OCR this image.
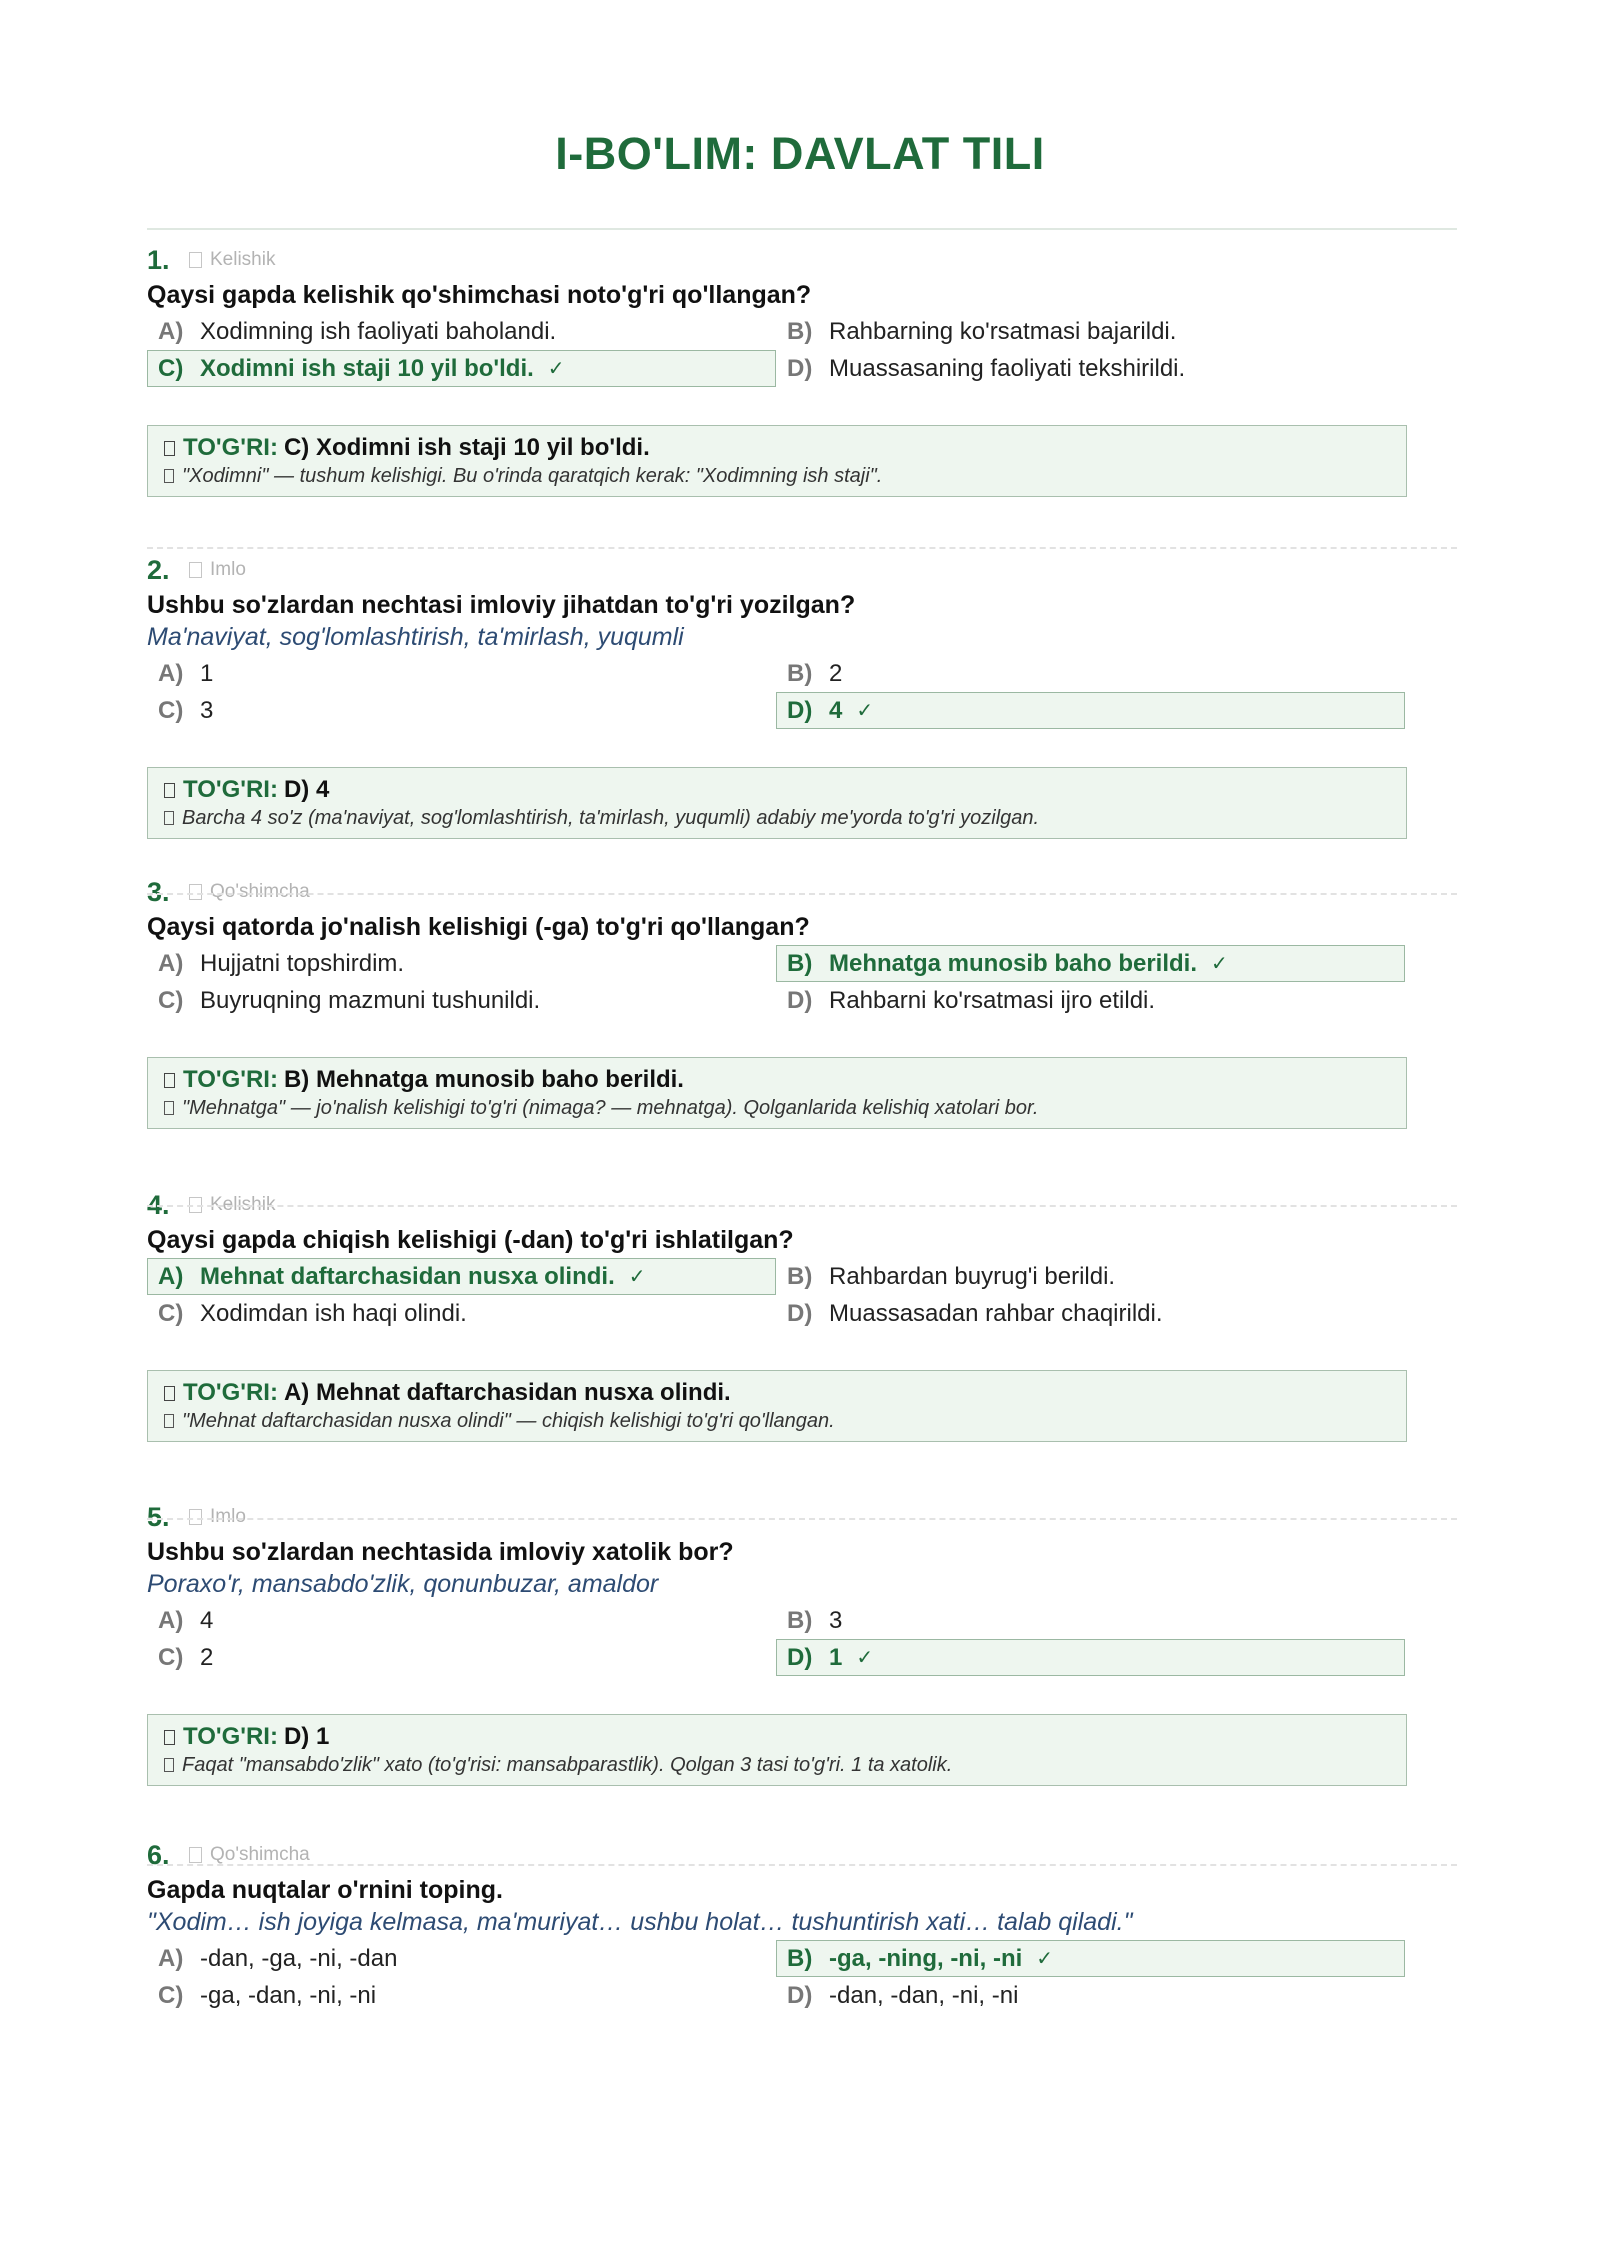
I-BO'LIM: DAVLAT TILI
1.	Kelishik
Qaysi gapda kelishik qo'shimchasi noto'g'ri qo'llangan?
A) Xodimning ish faoliyati baholandi.	B) Rahbarning ko'rsatmasi bajarildi.
C) Xodimni ish staji 10 yil bo'ldi. ✓	D) Muassasaning faoliyati tekshirildi.
TO'G'RI: C) Xodimni ish staji 10 yil bo'ldi.
"Xodimni" — tushum kelishigi. Bu o'rinda qaratqich kerak: "Xodimning ish staji".
2.	Imlo
Ushbu so'zlardan nechtasi imloviy jihatdan to'g'ri yozilgan?
Ma'naviyat, sog'lomlashtirish, ta'mirlash, yuqumli
A) 1	B) 2
C) 3	D) 4 ✓
TO'G'RI: D) 4
Barcha 4 so'z (ma'naviyat, sog'lomlashtirish, ta'mirlash, yuqumli) adabiy me'yorda to'g'ri yozilgan.
3.	Qo'shimcha
Qaysi qatorda jo'nalish kelishigi (-ga) to'g'ri qo'llangan?
A) Hujjatni topshirdim.	B) Mehnatga munosib baho berildi. ✓
C) Buyruqning mazmuni tushunildi.	D) Rahbarni ko'rsatmasi ijro etildi.
TO'G'RI: B) Mehnatga munosib baho berildi.
"Mehnatga" — jo'nalish kelishigi to'g'ri (nimaga? — mehnatga). Qolganlarida kelishiq xatolari bor.
4.	Kelishik
Qaysi gapda chiqish kelishigi (-dan) to'g'ri ishlatilgan?
A) Mehnat daftarchasidan nusxa olindi. ✓	B) Rahbardan buyrug'i berildi.
C) Xodimdan ish haqi olindi.	D) Muassasadan rahbar chaqirildi.
TO'G'RI: A) Mehnat daftarchasidan nusxa olindi.
"Mehnat daftarchasidan nusxa olindi" — chiqish kelishigi to'g'ri qo'llangan.
5.	Imlo
Ushbu so'zlardan nechtasida imloviy xatolik bor?
Poraxo'r, mansabdo'zlik, qonunbuzar, amaldor
A) 4	B) 3
C) 2	D) 1 ✓
TO'G'RI: D) 1
Faqat "mansabdo'zlik" xato (to'g'risi: mansabparastlik). Qolgan 3 tasi to'g'ri. 1 ta xatolik.
6.	Qo'shimcha
Gapda nuqtalar o'rnini toping.
"Xodim… ish joyiga kelmasa, ma'muriyat… ushbu holat… tushuntirish xati… talab qiladi."
A) -dan, -ga, -ni, -dan	B) -ga, -ning, -ni, -ni ✓
C) -ga, -dan, -ni, -ni	D) -dan, -dan, -ni, -ni
